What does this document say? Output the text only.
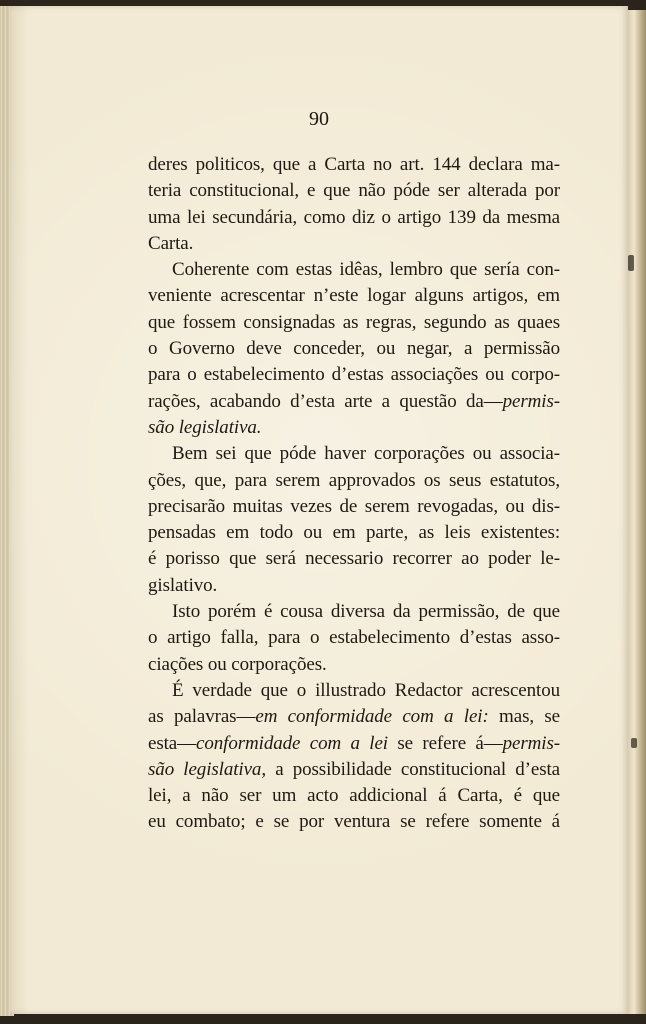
90
deres politicos, que a Carta no art. 144 declara ma-
teria constitucional, e que não póde ser alterada por
uma lei secundária, como diz o artigo 139 da mesma
Carta.
Coherente com estas idêas, lembro que sería con-
veniente acrescentar n’este logar alguns artigos, em
que fossem consignadas as regras, segundo as quaes
o Governo deve conceder, ou negar, a permissão
para o estabelecimento d’estas associações ou corpo-
rações, acabando d’esta arte a questão da—permis-
são legislativa.
Bem sei que póde haver corporações ou associa-
ções, que, para serem approvados os seus estatutos,
precisarão muitas vezes de serem revogadas, ou dis-
pensadas em todo ou em parte, as leis existentes:
é porisso que será necessario recorrer ao poder le-
gislativo.
Isto porém é cousa diversa da permissão, de que
o artigo falla, para o estabelecimento d’estas asso-
ciações ou corporações.
É verdade que o illustrado Redactor acrescentou
as palavras—em conformidade com a lei: mas, se
esta—conformidade com a lei se refere á—permis-
são legislativa, a possibilidade constitucional d’esta
lei, a não ser um acto addicional á Carta, é que
eu combato; e se por ventura se refere somente á
